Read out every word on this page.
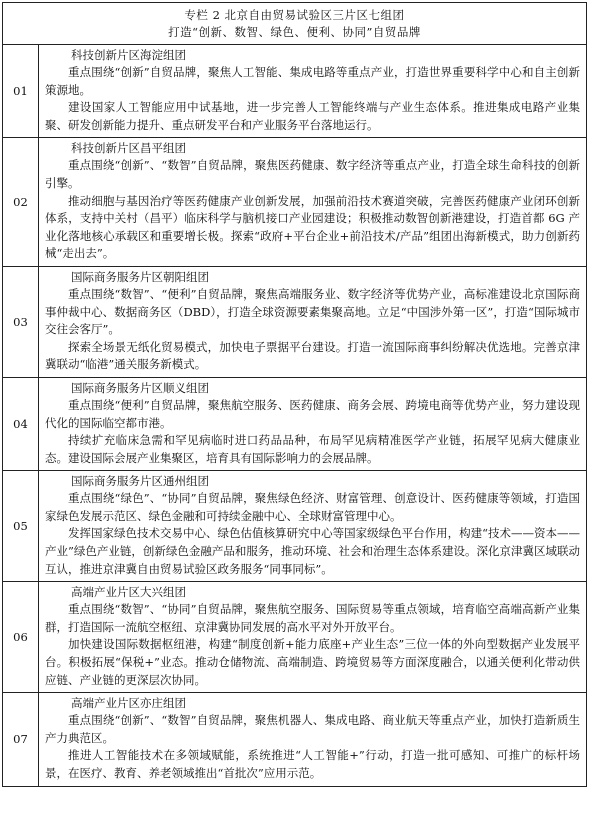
专栏 2 北京自由贸易试验区三片区七组团
打造“创新、数智、绿色、便利、协同”自贸品牌	

01	科技创新片区海淀组团

重点围绕“创新”自贸品牌，聚焦人工智能、集成电路等重点产业，打造世界重要科学中心和自主创新策源地。

建设国家人工智能应用中试基地，进一步完善人工智能终端与产业生态体系。推进集成电路产业集聚、研发创新能力提升、重点研发平台和产业服务平台落地运行。

02	科技创新片区昌平组团

重点围绕“创新”、“数智”自贸品牌，聚焦医药健康、数字经济等重点产业，打造全球生命科技的创新引擎。

推动细胞与基因治疗等医药健康产业创新发展，加强前沿技术赛道突破，完善医药健康产业闭环创新体系，支持中关村（昌平）临床科学与脑机接口产业园建设；积极推动数智创新港建设，打造首都 6G 产业化落地核心承载区和重要增长极。探索“政府+平台企业+前沿技术/产品”组团出海新模式，助力创新药械“走出去”。

03	国际商务服务片区朝阳组团

重点围绕“数智”、“便利”自贸品牌，聚焦高端服务业、数字经济等优势产业，高标准建设北京国际商事仲裁中心、数据商务区（DBD），打造全球资源要素集聚高地。立足“中国涉外第一区”，打造“国际城市交往会客厅”。

探索全场景无纸化贸易模式，加快电子票据平台建设。打造一流国际商事纠纷解决优选地。完善京津冀联动“临港”通关服务新模式。

04	国际商务服务片区顺义组团

重点围绕“便利”自贸品牌，聚焦航空服务、医药健康、商务会展、跨境电商等优势产业，努力建设现代化的国际临空都市港。

持续扩充临床急需和罕见病临时进口药品品种，布局罕见病精准医学产业链，拓展罕见病大健康业态。建设国际会展产业集聚区，培育具有国际影响力的会展品牌。

05	国际商务服务片区通州组团

重点围绕“绿色”、“协同”自贸品牌，聚焦绿色经济、财富管理、创意设计、医药健康等领域，打造国家绿色发展示范区、绿色金融和可持续金融中心、全球财富管理中心。

发挥国家绿色技术交易中心、绿色估值核算研究中心等国家级绿色平台作用，构建“技术——资本——产业”绿色产业链，创新绿色金融产品和服务，推动环境、社会和治理生态体系建设。深化京津冀区域联动互认，推进京津冀自由贸易试验区政务服务“同事同标”。

06	高端产业片区大兴组团

重点围绕“数智”、“协同”自贸品牌，聚焦航空服务、国际贸易等重点领域，培育临空高端高新产业集群，打造国际一流航空枢纽、京津冀协同发展的高水平对外开放平台。

加快建设国际数据枢纽港，构建“制度创新+能力底座+产业生态”三位一体的外向型数据产业发展平台。积极拓展“保税+”业态。推动仓储物流、高端制造、跨境贸易等方面深度融合，以通关便利化带动供应链、产业链的更深层次协同。

07	高端产业片区亦庄组团

重点围绕“创新”、“数智”自贸品牌，聚焦机器人、集成电路、商业航天等重点产业，加快打造新质生产力典范区。

推进人工智能技术在多领域赋能，系统推进“人工智能+”行动，打造一批可感知、可推广的标杆场景，在医疗、教育、养老领域推出“首批次”应用示范。
